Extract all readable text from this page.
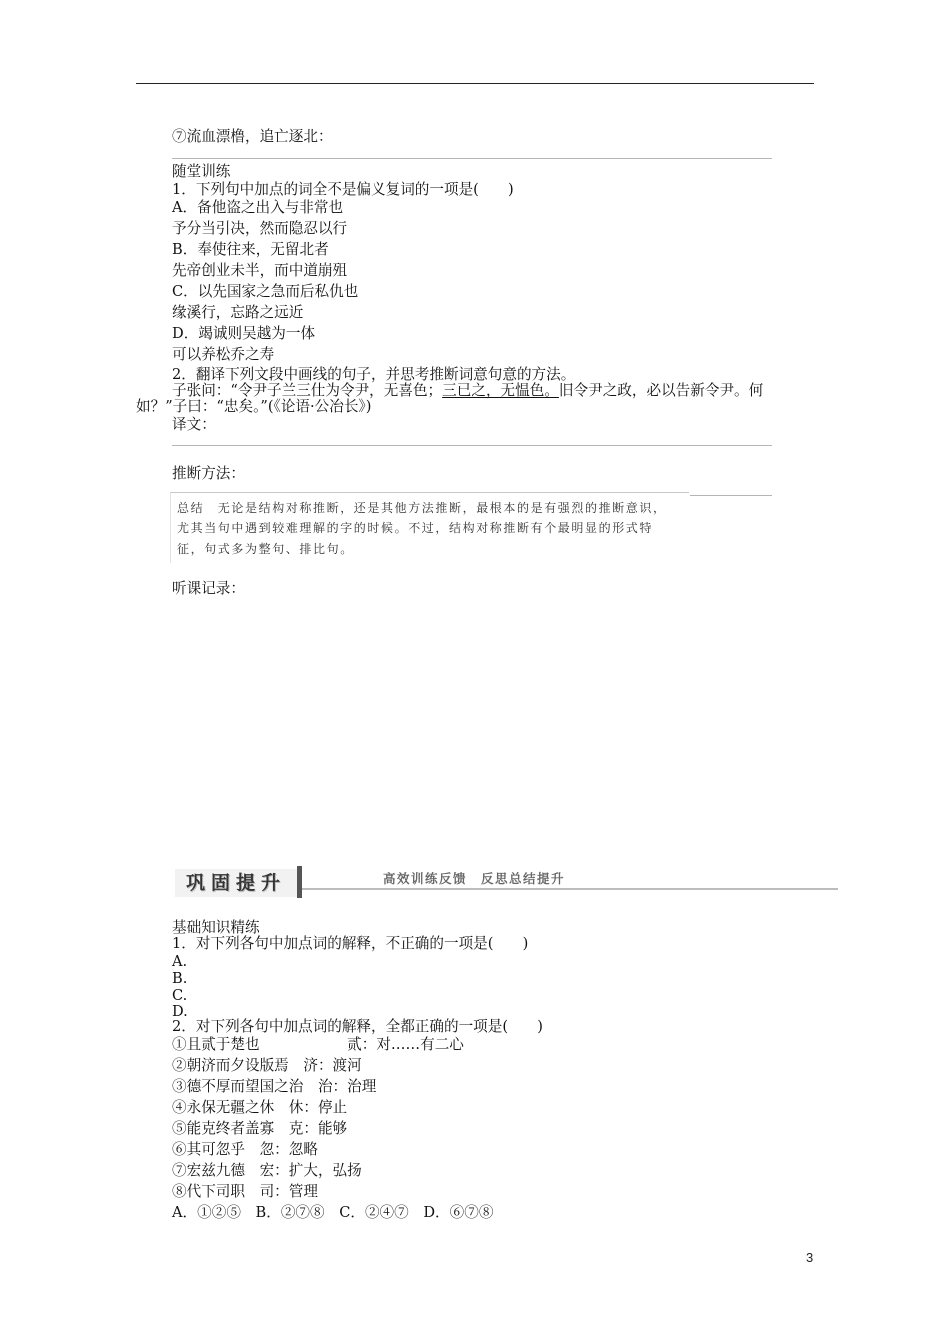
⑦流血漂橹，追亡逐北：
随堂训练
1．下列句中加点的词全不是偏义复词的一项是(　　)
A．备他盗之出入与非常也
予分当引决，然而隐忍以行
B．奉使往来，无留北者
先帝创业未半，而中道崩殂
C．以先国家之急而后私仇也
缘溪行，忘路之远近
D．竭诚则吴越为一体
可以养松乔之寿
2．翻译下列文段中画线的句子，并思考推断词意句意的方法。
子张问：“令尹子兰三仕为令尹，无喜色；三已之，无愠色。旧令尹之政，必以告新令尹。何
如？”子曰：“忠矣。”(《论语·公冶长》)
译文：
推断方法：
总结　无论是结构对称推断，还是其他方法推断，最根本的是有强烈的推断意识，
尤其当句中遇到较难理解的字的时候。不过，结构对称推断有个最明显的形式特
征，句式多为整句、排比句。
听课记录：
巩固提升	高效训练反馈　反思总结提升
基础知识精练
1．对下列各句中加点词的解释，不正确的一项是(　　)
A.
B.
C.
D.
2．对下列各句中加点词的解释，全都正确的一项是(　　)
①且贰于楚也　　　　　　贰：对……有二心
②朝济而夕设版焉　济：渡河
③德不厚而望国之治　治：治理
④永保无疆之休　休：停止
⑤能克终者盖寡　克：能够
⑥其可忽乎　忽：忽略
⑦宏兹九德　宏：扩大，弘扬
⑧代下司职　司：管理
A．①②⑤　B．②⑦⑧　C．②④⑦　D．⑥⑦⑧
3
